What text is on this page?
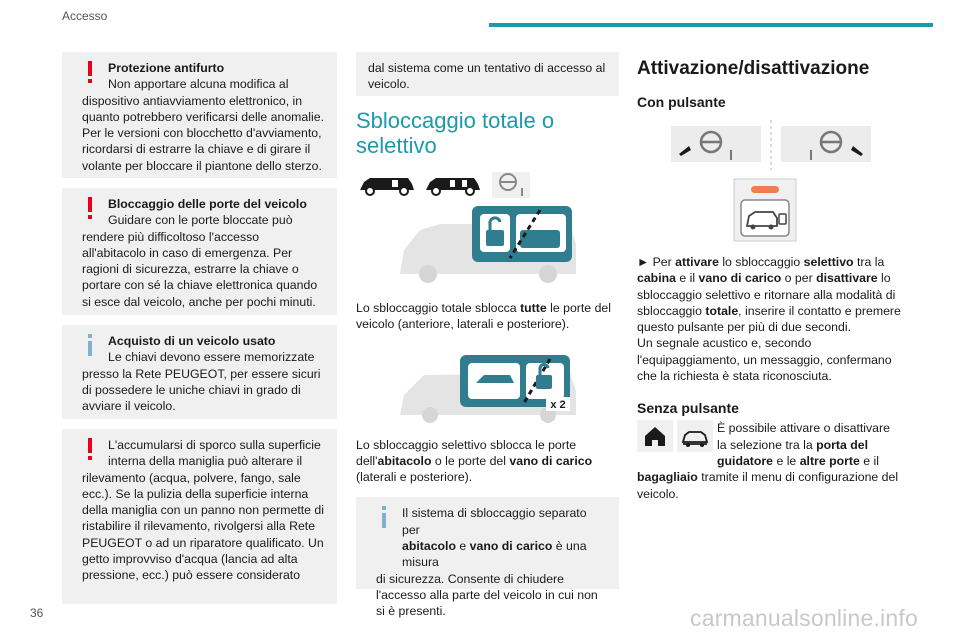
Accesso
Protezione antifurto
Non apportare alcuna modifica al
dispositivo antiavviamento elettronico, in quanto potrebbero verificarsi delle anomalie. Per le versioni con blocchetto d'avviamento, ricordarsi di estrarre la chiave e di girare il volante per bloccare il piantone dello sterzo.
Bloccaggio delle porte del veicolo
Guidare con le porte bloccate può
rendere più difficoltoso l'accesso all'abitacolo in caso di emergenza. Per ragioni di sicurezza, estrarre la chiave o portare con sé la chiave elettronica quando si esce dal veicolo, anche per pochi minuti.
Acquisto di un veicolo usato
Le chiavi devono essere memorizzate
presso la Rete PEUGEOT, per essere sicuri di possedere le uniche chiavi in grado di avviare il veicolo.
L'accumularsi di sporco sulla superficie interna della maniglia può alterare il
rilevamento (acqua, polvere, fango, sale ecc.). Se la pulizia della superficie interna della maniglia con un panno non permette di ristabilire il rilevamento, rivolgersi alla Rete PEUGEOT o ad un riparatore qualificato. Un getto improvviso d'acqua (lancia ad alta pressione, ecc.) può essere considerato
dal sistema come un tentativo di accesso al veicolo.
Sbloccaggio totale o selettivo
Lo sbloccaggio totale sblocca tutte le porte del veicolo (anteriore, laterali e posteriore).
x 2
Lo sbloccaggio selettivo sblocca le porte dell'abitacolo o le porte del vano di carico (laterali e posteriore).
Il sistema di sbloccaggio separato per
abitacolo e vano di carico è una misura
di sicurezza. Consente di chiudere l'accesso alla parte del veicolo in cui non si è presenti.
Attivazione/disattivazione
Con pulsante
► Per attivare lo sbloccaggio selettivo tra la cabina e il vano di carico o per disattivare lo sbloccaggio selettivo e ritornare alla modalità di sbloccaggio totale, inserire il contatto e premere questo pulsante per più di due secondi.
Un segnale acustico e, secondo l'equipaggiamento, un messaggio, confermano che la richiesta è stata riconosciuta.
Senza pulsante
È possibile attivare o disattivare la selezione tra la porta del guidatore e le altre porte e il bagagliaio tramite il menu di configurazione del veicolo.
36	carmanualsonline.info
